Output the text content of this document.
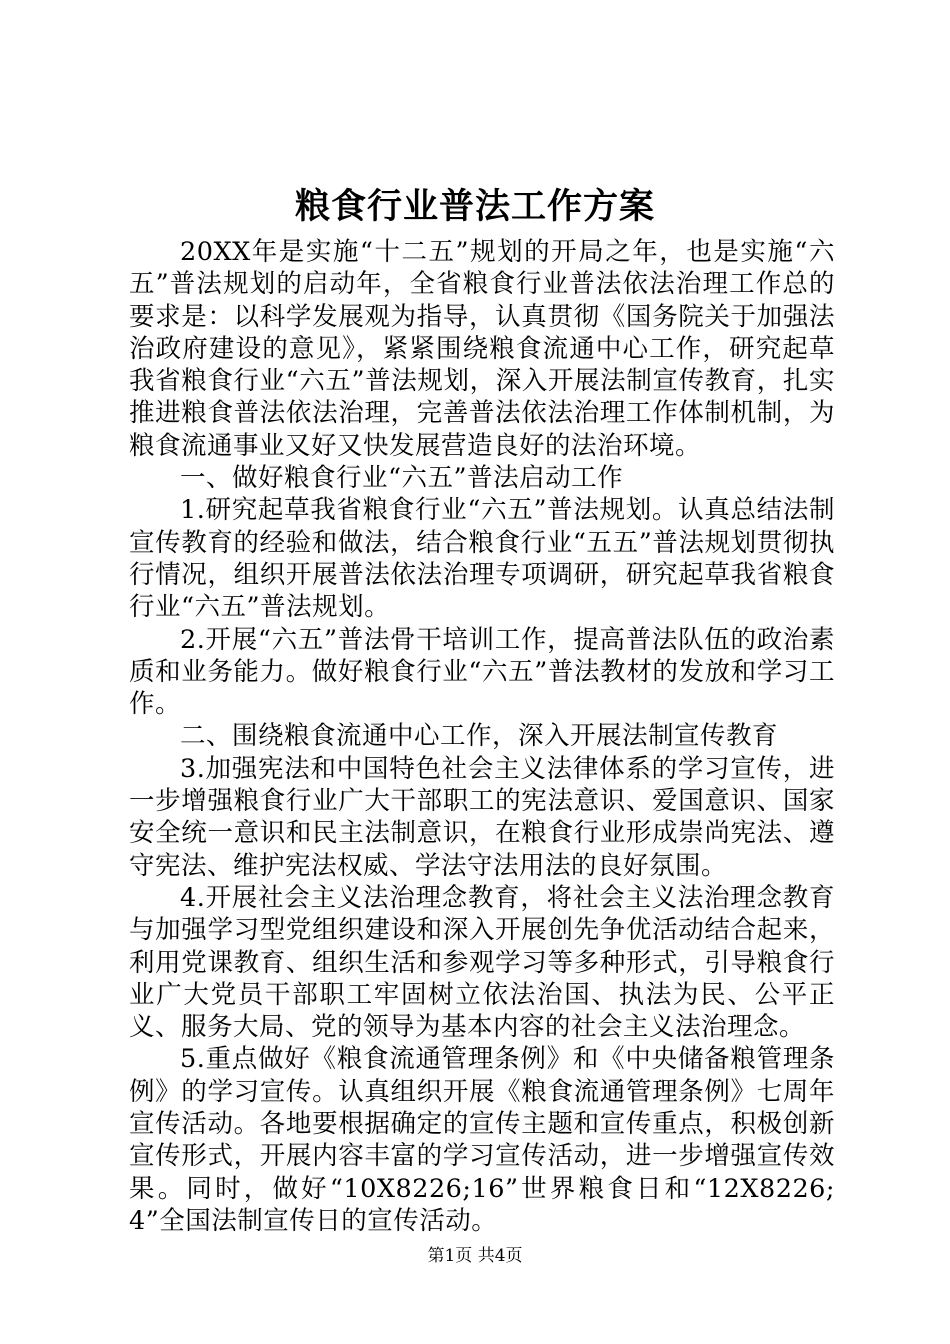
粮食行业普法工作方案

20XX年是实施“十二五”规划的开局之年，也是实施“六五”普法规划的启动年，全省粮食行业普法依法治理工作总的要求是：以科学发展观为指导，认真贯彻《国务院关于加强法治政府建设的意见》，紧紧围绕粮食流通中心工作，研究起草我省粮食行业“六五”普法规划，深入开展法制宣传教育，扎实推进粮食普法依法治理，完善普法依法治理工作体制机制，为粮食流通事业又好又快发展营造良好的法治环境。

一、做好粮食行业“六五”普法启动工作

1.研究起草我省粮食行业“六五”普法规划。认真总结法制宣传教育的经验和做法，结合粮食行业“五五”普法规划贯彻执行情况，组织开展普法依法治理专项调研，研究起草我省粮食行业“六五”普法规划。

2.开展“六五”普法骨干培训工作，提高普法队伍的政治素质和业务能力。做好粮食行业“六五”普法教材的发放和学习工作。

二、围绕粮食流通中心工作，深入开展法制宣传教育

3.加强宪法和中国特色社会主义法律体系的学习宣传，进一步增强粮食行业广大干部职工的宪法意识、爱国意识、国家安全统一意识和民主法制意识，在粮食行业形成崇尚宪法、遵守宪法、维护宪法权威、学法守法用法的良好氛围。

4.开展社会主义法治理念教育，将社会主义法治理念教育与加强学习型党组织建设和深入开展创先争优活动结合起来，利用党课教育、组织生活和参观学习等多种形式，引导粮食行业广大党员干部职工牢固树立依法治国、执法为民、公平正义、服务大局、党的领导为基本内容的社会主义法治理念。

5.重点做好《粮食流通管理条例》和《中央储备粮管理条例》的学习宣传。认真组织开展《粮食流通管理条例》七周年宣传活动。各地要根据确定的宣传主题和宣传重点，积极创新宣传形式，开展内容丰富的学习宣传活动，进一步增强宣传效果。同时，做好“10X8226;16”世界粮食日和“12X8226;4”全国法制宣传日的宣传活动。

第1页 共4页
